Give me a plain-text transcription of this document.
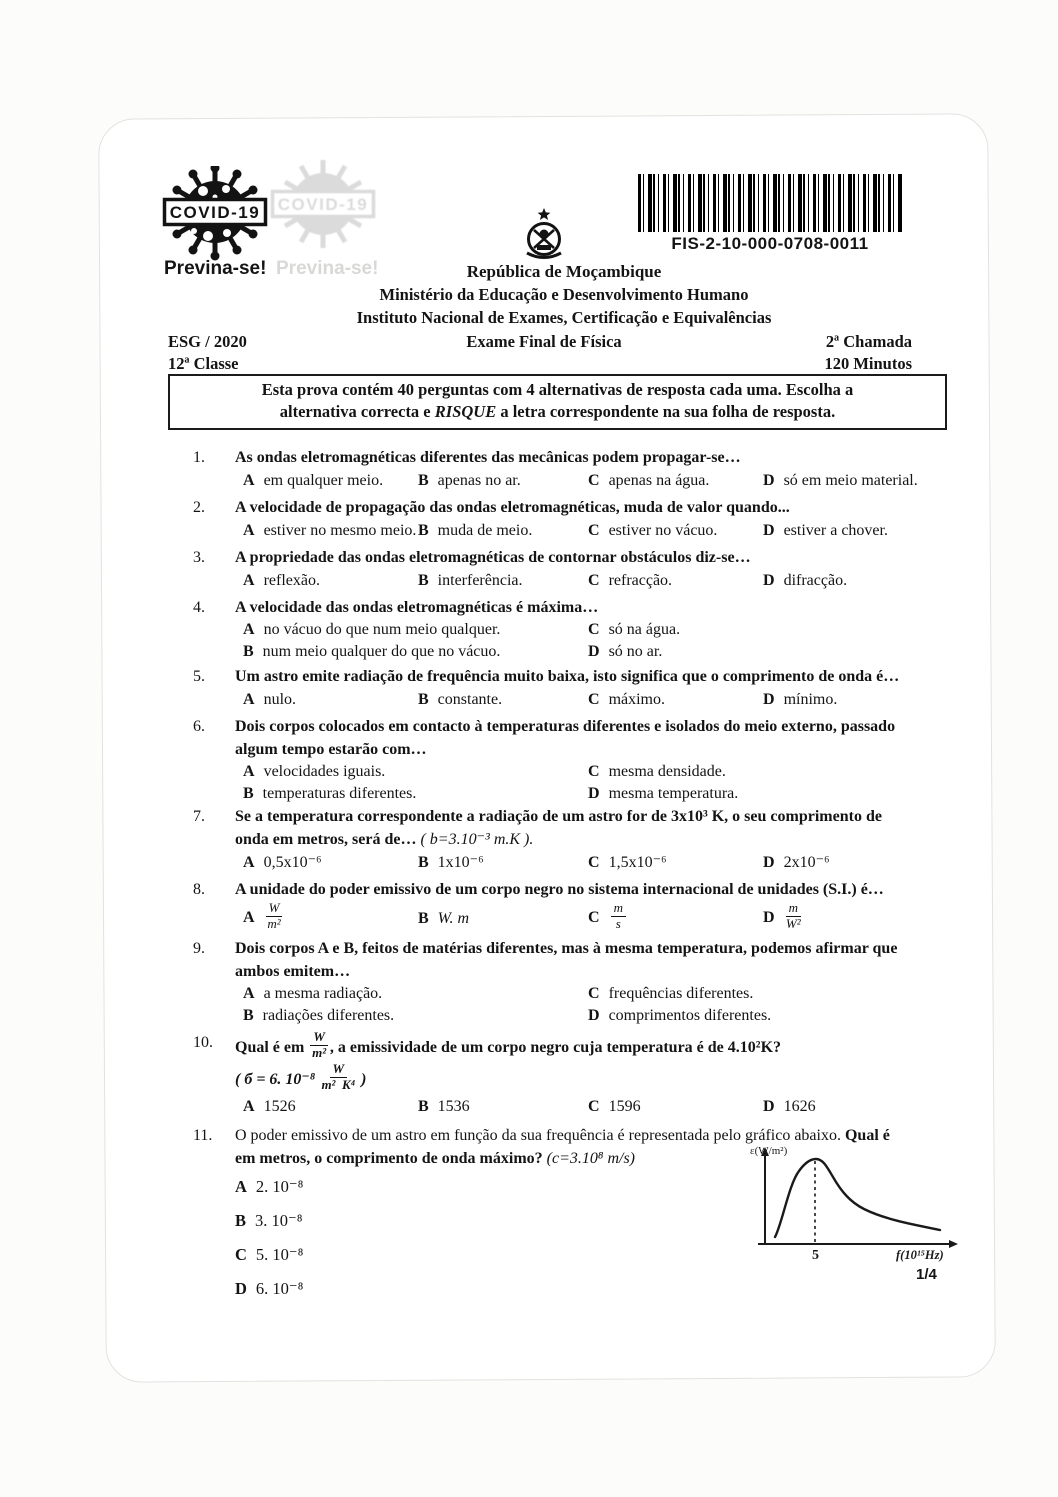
COVID-19 COVID-19
Previna-se! Previna-se!
FIS-2-10-000-0708-0011
República de Moçambique
Ministério da Educação e Desenvolvimento Humano
Instituto Nacional de Exames, Certificação e Equivalências
ESG / 2020	Exame Final de Física	2ª Chamada
12ª Classe	120 Minutos
Esta prova contém 40 perguntas com 4 alternativas de resposta cada uma. Escolha a
alternativa correcta e RISQUE a letra correspondente na sua folha de resposta.
1.	As ondas eletromagnéticas diferentes das mecânicas podem propagar-se…
A em qualquer meio.	B apenas no ar.	C apenas na água.	D só em meio material.
2.	A velocidade de propagação das ondas eletromagnéticas, muda de valor quando...
A estiver no mesmo meio. B muda de meio.	C estiver no vácuo.	D estiver a chover.
3.	A propriedade das ondas eletromagnéticas de contornar obstáculos diz-se…
A reflexão.	B interferência.	C refracção.	D difracção.
4.	A velocidade das ondas eletromagnéticas é máxima…
A no vácuo do que num meio qualquer.	C só na água.
B num meio qualquer do que no vácuo.	D só no ar.
5.	Um astro emite radiação de frequência muito baixa, isto significa que o comprimento de onda é…
A nulo.	B constante.	C máximo.	D mínimo.
6.	Dois corpos colocados em contacto à temperaturas diferentes e isolados do meio externo, passado
algum tempo estarão com…
A velocidades iguais.	C mesma densidade.
B temperaturas diferentes.	D mesma temperatura.
7.	Se a temperatura correspondente a radiação de um astro for de 3x10³ K, o seu comprimento de
onda em metros, será de… ( b=3.10⁻³ m.K ).
A 0,5x10⁻⁶	B 1x10⁻⁶	C 1,5x10⁻⁶	D 2x10⁻⁶
8.	A unidade do poder emissivo de um corpo negro no sistema internacional de unidades (S.I.) é…
A $\frac{W}{\text{m²}}$	B W. m	C $\frac{m}{s}$	D $\frac{m}{\text{W²}}$
9.	Dois corpos A e B, feitos de matérias diferentes, mas à mesma temperatura, podemos afirmar que
ambos emitem…
A a mesma radiação.	C frequências diferentes.
B radiações diferentes.	D comprimentos diferentes.
10.	Qual é em $\frac{W}{\text{m²}}$ , a emissividade de um corpo negro cuja temperatura é de 4.10²K?
( б = 6. $10^{-8} \frac{W}{\text{m²  K⁴}}$ )
A 1526	B 1536	C 1596	D 1626
11.	O poder emissivo de um astro em função da sua frequência é representada pelo gráfico abaixo. Qual é
em metros, o comprimento de onda máximo? (c=3.10⁸ m/s)
A 2. 10⁻⁸
B 3. 10⁻⁸
C 5. 10⁻⁸
D 6. 10⁻⁸
5	f(10¹⁵Hz)
ε(W/m²)
1/4
